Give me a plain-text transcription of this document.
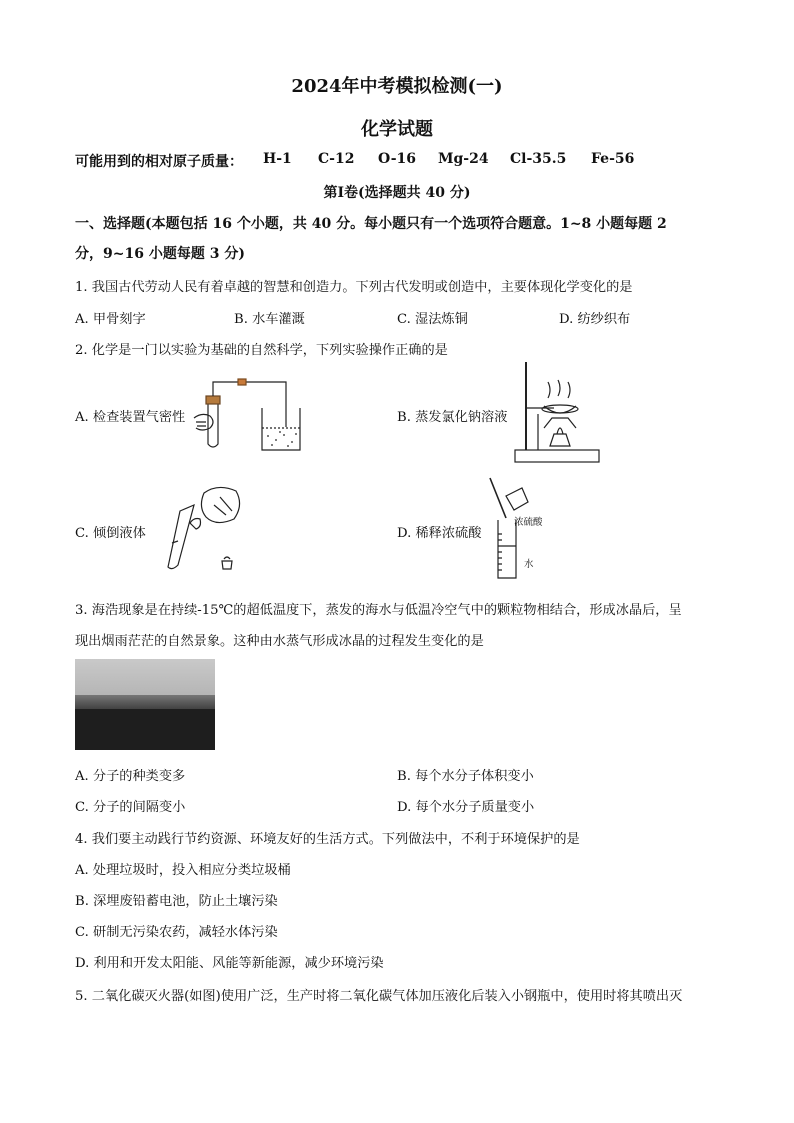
2024年中考模拟检测(一)
化学试题
可能用到的相对原子质量： H-1 C-12 O-16 Mg-24 Cl-35.5 Fe-56
第Ⅰ卷(选择题共 40 分)
一、选择题(本题包括 16 个小题，共 40 分。每小题只有一个选项符合题意。1~8 小题每题 2
分，9~16 小题每题 3 分)
1. 我国古代劳动人民有着卓越的智慧和创造力。下列古代发明或创造中，主要体现化学变化的是
A. 甲骨刻字	B. 水车灌溉	C. 湿法炼铜	D. 纺纱织布
2. 化学是一门以实验为基础的自然科学，下列实验操作正确的是
A. 检查装置气密性	B. 蒸发氯化钠溶液
C. 倾倒液体	D. 稀释浓硫酸
浓硫酸
水
3. 海浩现象是在持续-15℃的超低温度下，蒸发的海水与低温冷空气中的颗粒物相结合，形成冰晶后，呈
现出烟雨茫茫的自然景象。这种由水蒸气形成冰晶的过程发生变化的是
A. 分子的种类变多	B. 每个水分子体积变小
C. 分子的间隔变小	D. 每个水分子质量变小
4. 我们要主动践行节约资源、环境友好的生活方式。下列做法中，不利于环境保护的是
A. 处理垃圾时，投入相应分类垃圾桶
B. 深埋废铅蓄电池，防止土壤污染
C. 研制无污染农药，减轻水体污染
D. 利用和开发太阳能、风能等新能源，减少环境污染
5. 二氧化碳灭火器(如图)使用广泛，生产时将二氧化碳气体加压液化后装入小钢瓶中，使用时将其喷出灭
